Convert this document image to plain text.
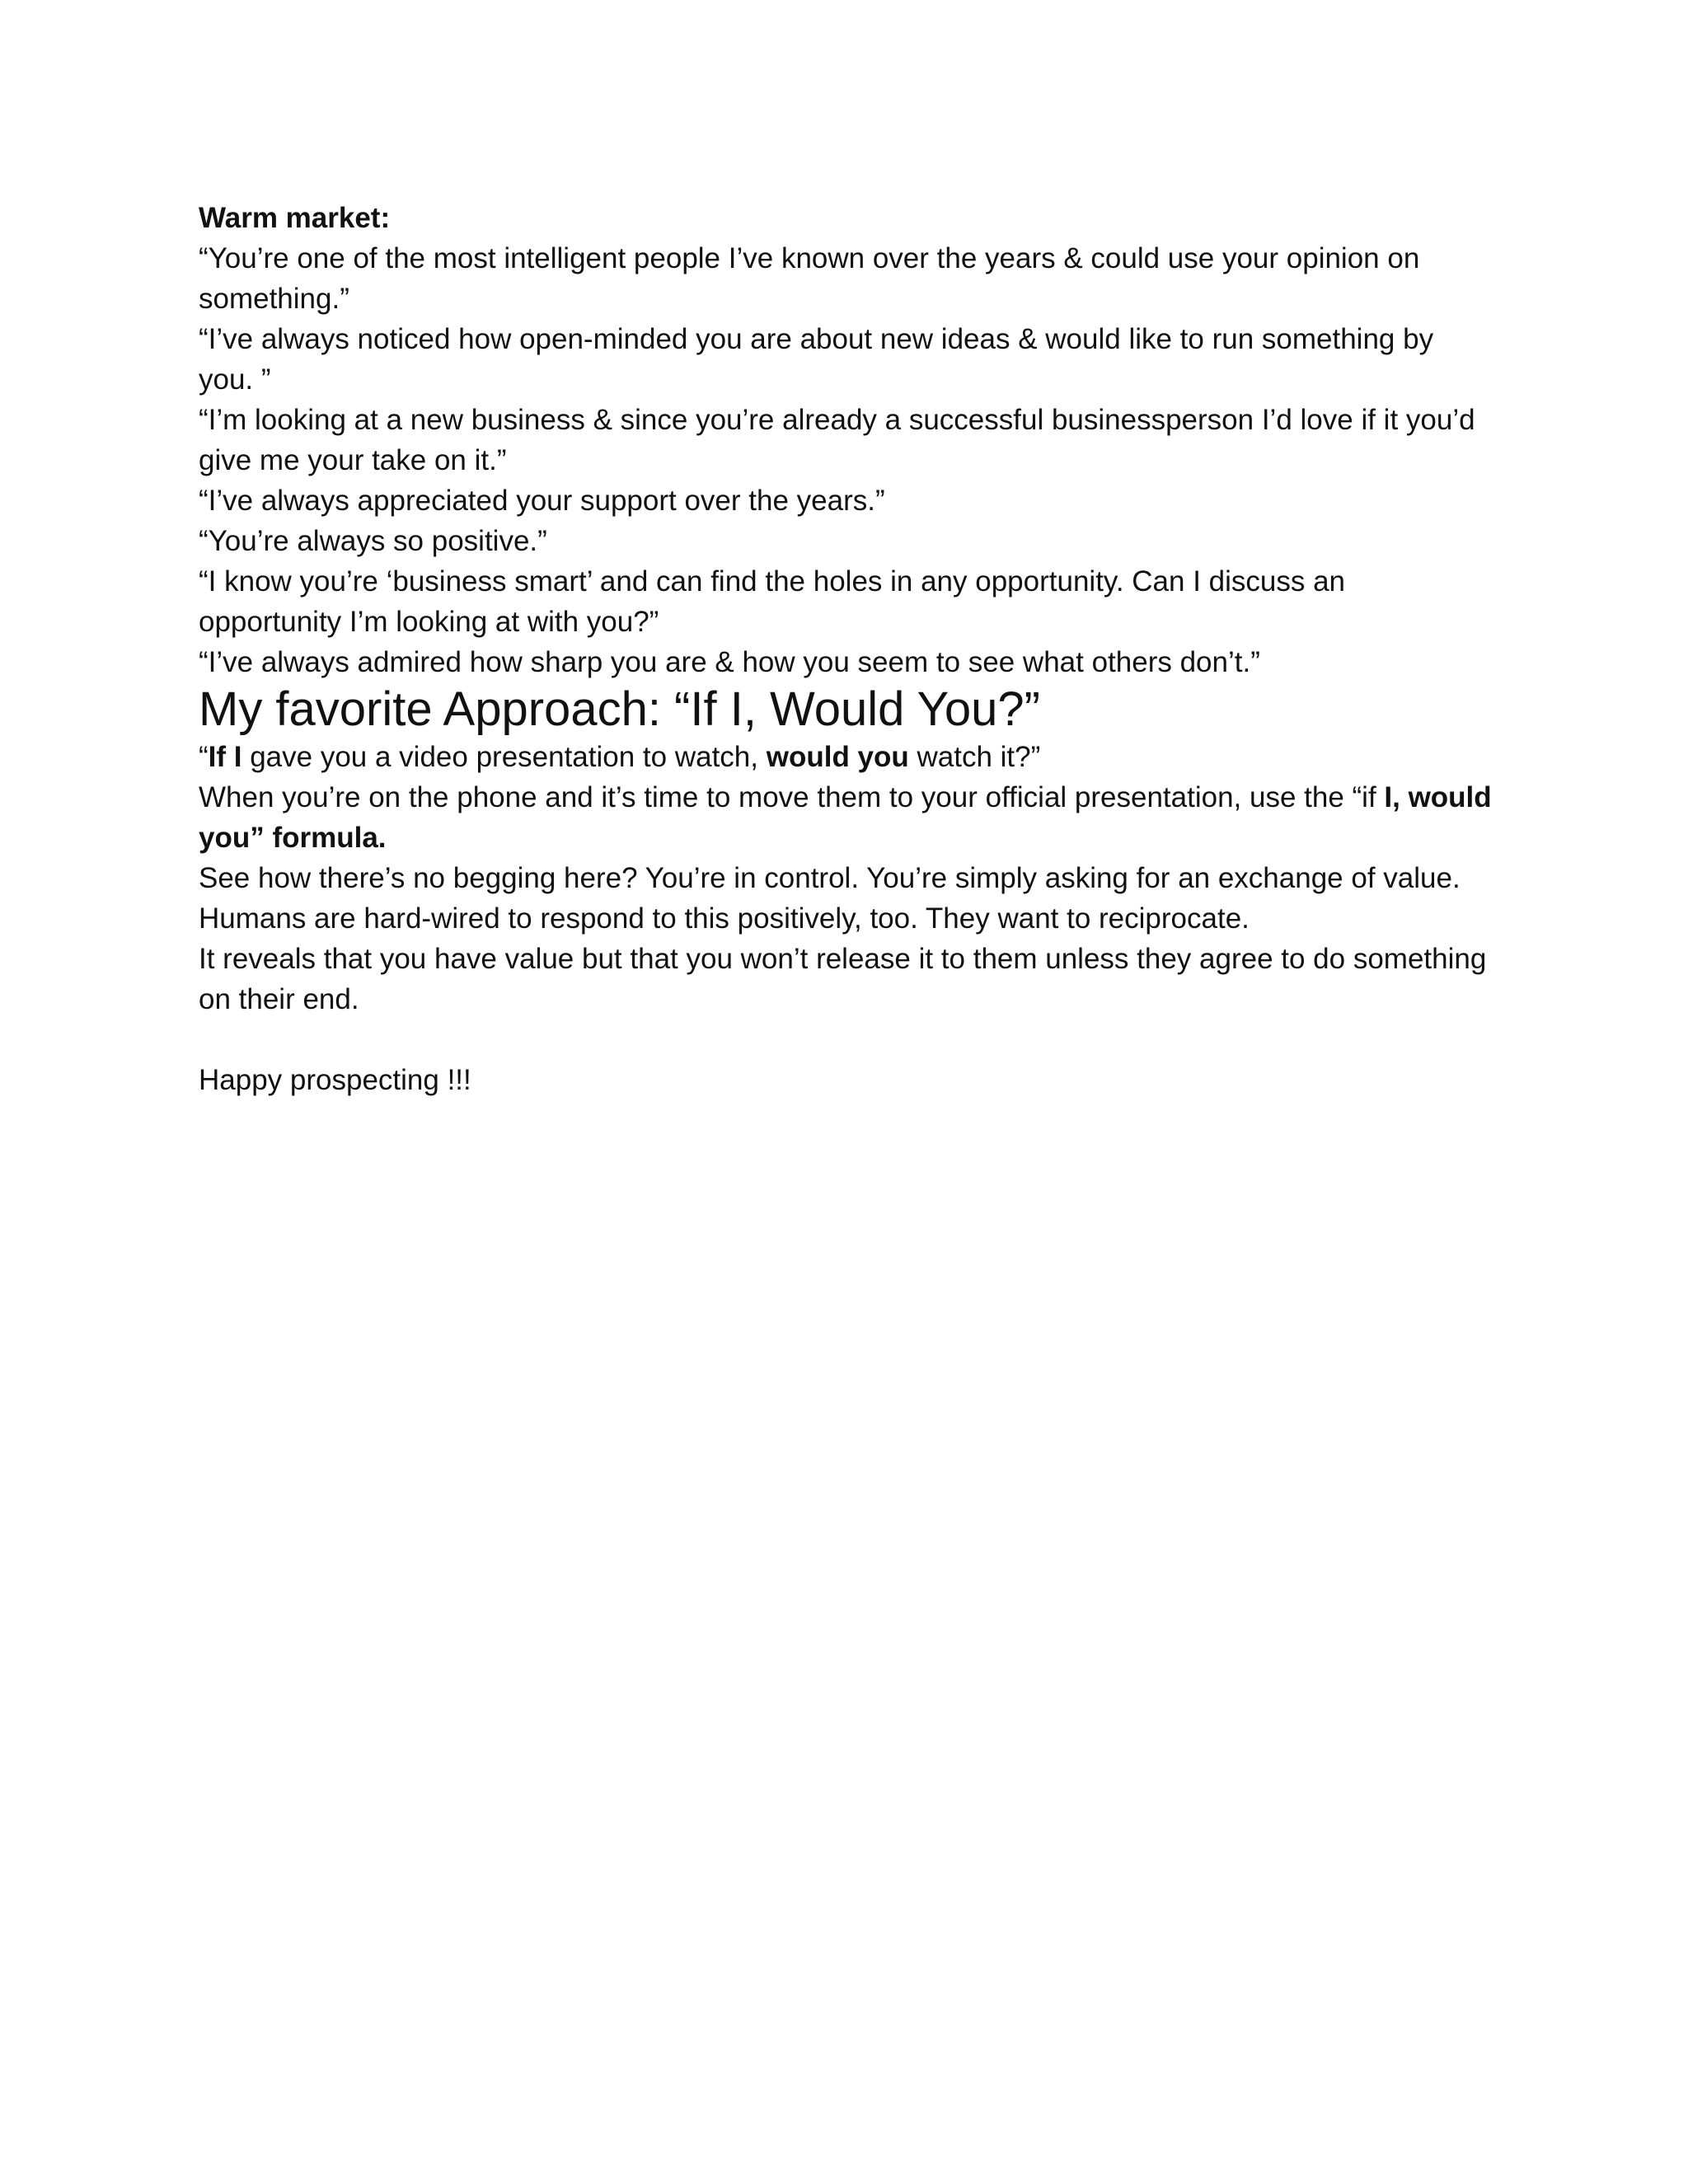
Warm market:

“You’re one of the most intelligent people I’ve known over the years & could use your opinion on something.”

“I’ve always noticed how open-minded you are about new ideas & would like to run something by you. ”

“I’m looking at a new business & since you’re already a successful businessperson I’d love if it you’d give me your take on it.”

“I’ve always appreciated your support over the years.”

“You’re always so positive.”

“I know you’re ‘business smart’ and can find the holes in any opportunity. Can I discuss an opportunity I’m looking at with you?”

“I’ve always admired how sharp you are & how you seem to see what others don’t.”

My favorite Approach: “If I, Would You?”

“If I gave you a video presentation to watch, would you watch it?”

When you’re on the phone and it’s time to move them to your official presentation, use the “if I, would you” formula.

See how there’s no begging here? You’re in control. You’re simply asking for an exchange of value. Humans are hard-wired to respond to this positively, too. They want to reciprocate.

It reveals that you have value but that you won’t release it to them unless they agree to do something on their end.

Happy prospecting !!!
